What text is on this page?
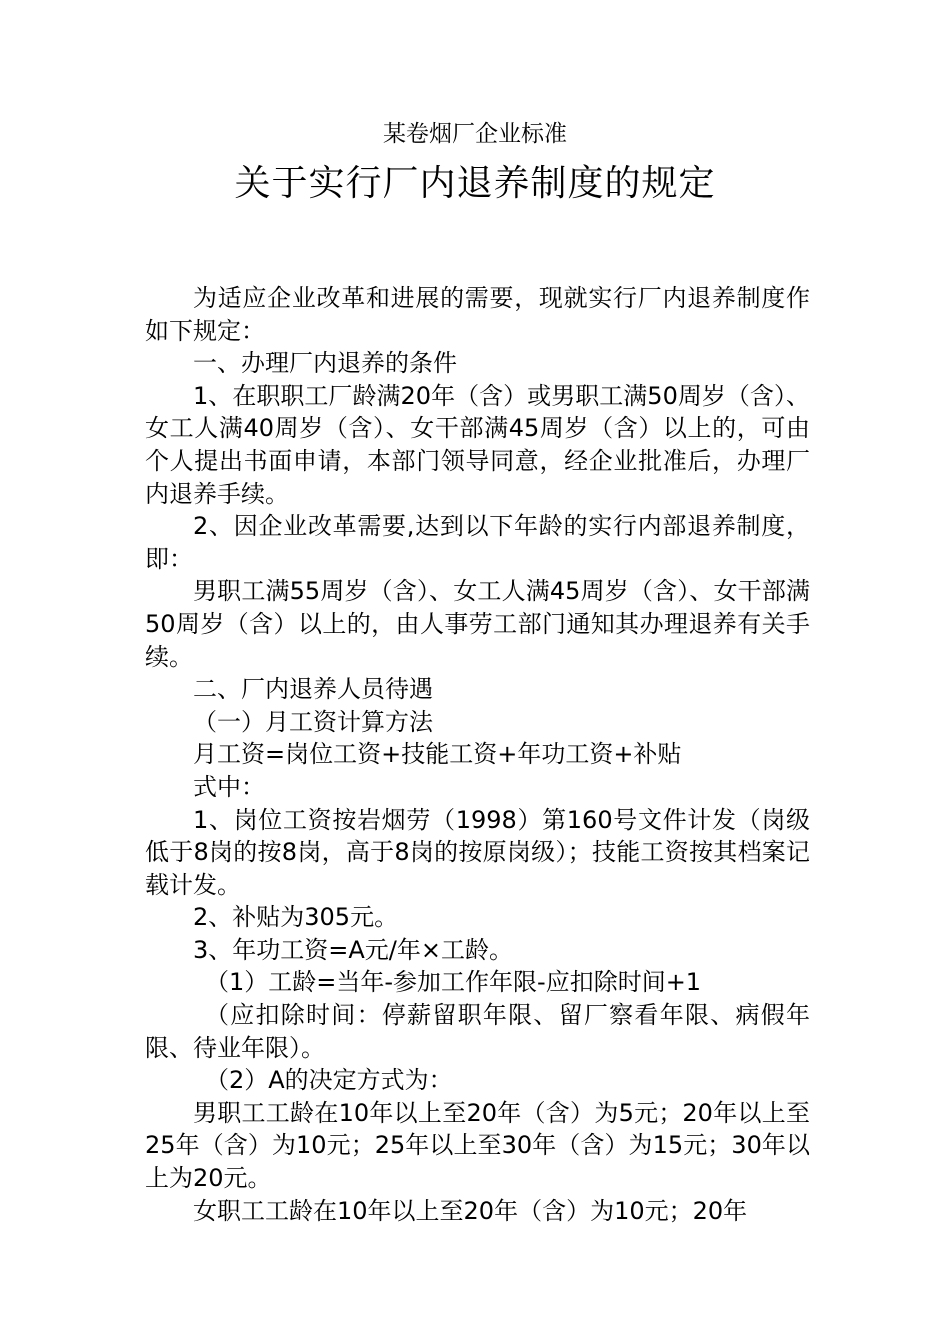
某卷烟厂企业标准
关于实行厂内退养制度的规定

为适应企业改革和进展的需要，现就实行厂内退养制度作如下规定：

一、办理厂内退养的条件

1、在职职工厂龄满20年（含）或男职工满50周岁（含）、女工人满40周岁（含）、女干部满45周岁（含）以上的，可由个人提出书面申请，本部门领导同意，经企业批准后，办理厂内退养手续。

2、因企业改革需要,达到以下年龄的实行内部退养制度，即：

男职工满55周岁（含）、女工人满45周岁（含）、女干部满50周岁（含）以上的，由人事劳工部门通知其办理退养有关手续。

二、厂内退养人员待遇

（一）月工资计算方法

月工资=岗位工资+技能工资+年功工资+补贴

式中：

1、岗位工资按岩烟劳（1998）第160号文件计发（岗级低于8岗的按8岗，高于8岗的按原岗级）；技能工资按其档案记载计发。

2、补贴为305元。

3、年功工资=A元/年×工龄。

（1）工龄=当年-参加工作年限-应扣除时间+1

（应扣除时间：停薪留职年限、留厂察看年限、病假年限、待业年限）。

（2）A的决定方式为：

男职工工龄在10年以上至20年（含）为5元；20年以上至25年（含）为10元；25年以上至30年（含）为15元；30年以上为20元。

女职工工龄在10年以上至20年（含）为10元；20年
